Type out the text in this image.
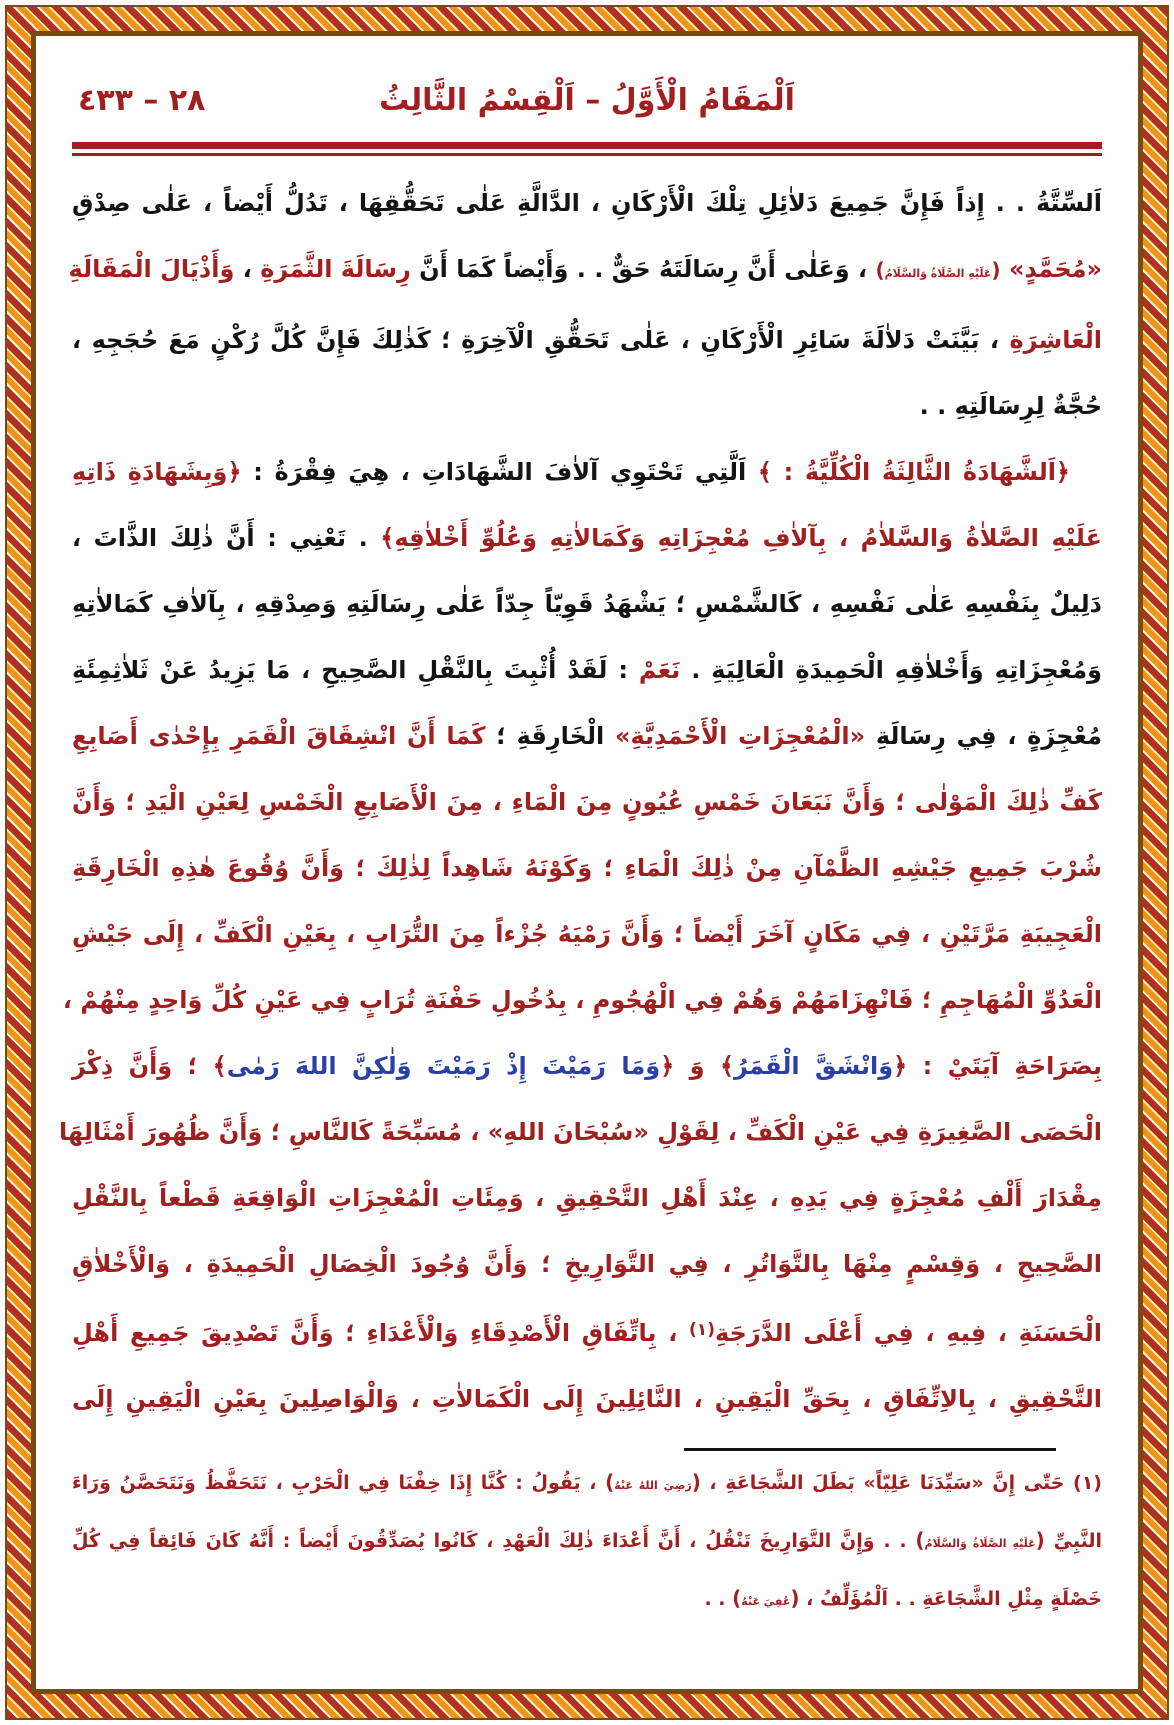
٢٨ – ٤٣٣	اَلْمَقَامُ الْأَوَّلُ – اَلْقِسْمُ الثَّالِثُ
اَلسِّتَّةُ . . إِذاً فَإِنَّ جَمِيعَ دَلاٰئِلِ تِلْكَ الْأَرْكَانِ ، الدَّالَّةِ عَلٰى تَحَقُّقِهَا ، تَدُلُّ أَيْضاً ، عَلٰى صِدْقِ
«مُحَمَّدٍ» (عَلَيْهِ الصَّلَاةُ وَالسَّلَامُ) ، وَعَلٰى أَنَّ رِسَالَتَهُ حَقٌّ . . وَأَيْضاً كَمَا أَنَّ رِسَالَةَ الثَّمَرَةِ ، وَأَذْيَالَ الْمَقَالَةِ
الْعَاشِرَةِ ، بَيَّنَتْ دَلاٰلَةَ سَائِرِ الْأَرْكَانِ ، عَلٰى تَحَقُّقِ الْآخِرَةِ ؛ كَذٰلِكَ فَإِنَّ كُلَّ رُكْنٍ مَعَ حُجَجِهِ ،
حُجَّةٌ لِرِسَالَتِهِ . .
﴿اَلشَّهَادَةُ الثَّالِثَةُ الْكُلِّيَّةُ : ﴾ اَلَّتِي تَحْتَوِي آلاٰفَ الشَّهَادَاتِ ، هِيَ فِقْرَةُ : ﴿وَبِشَهَادَةِ ذَاتِهِ
عَلَيْهِ الصَّلاٰةُ وَالسَّلاٰمُ ، بِآلاٰفِ مُعْجِزَاتِهِ وَكَمَالاٰتِهِ وَعُلُوِّ أَخْلاٰقِهِ﴾ . تَعْنِي : أَنَّ ذٰلِكَ الذَّاتَ ،
دَلِيلٌ بِنَفْسِهِ عَلٰى نَفْسِهِ ، كَالشَّمْسِ ؛ يَشْهَدُ قَوِيّاً جِدّاً عَلٰى رِسَالَتِهِ وَصِدْقِهِ ، بِآلاٰفِ كَمَالاٰتِهِ
وَمُعْجِزَاتِهِ وَأَخْلاٰقِهِ الْحَمِيدَةِ الْعَالِيَةِ . نَعَمْ : لَقَدْ أُثْبِتَ بِالنَّقْلِ الصَّحِيحِ ، مَا يَزِيدُ عَنْ ثَلاٰثِمِئَةِ
مُعْجِزَةٍ ، فِي رِسَالَةِ «الْمُعْجِزَاتِ الْأَحْمَدِيَّةِ» الْخَارِقَةِ ؛ كَمَا أَنَّ انْشِقَاقَ الْقَمَرِ بِإِحْدٰى أَصَابِعِ
كَفِّ ذٰلِكَ الْمَوْلٰى ؛ وَأَنَّ نَبَعَانَ خَمْسِ عُيُونٍ مِنَ الْمَاءِ ، مِنَ الْأَصَابِعِ الْخَمْسِ لِعَيْنِ الْيَدِ ؛ وَأَنَّ
شُرْبَ جَمِيعِ جَيْشِهِ الظَّمْآنِ مِنْ ذٰلِكَ الْمَاءِ ؛ وَكَوْنَهُ شَاهِداً لِذٰلِكَ ؛ وَأَنَّ وُقُوعَ هٰذِهِ الْخَارِقَةِ
الْعَجِيبَةِ مَرَّتَيْنِ ، فِي مَكَانٍ آخَرَ أَيْضاً ؛ وَأَنَّ رَمْيَهُ جُزْءاً مِنَ التُّرَابِ ، بِعَيْنِ الْكَفِّ ، إِلَى جَيْشِ
الْعَدُوِّ الْمُهَاجِمِ ؛ فَانْهِزَامَهُمْ وَهُمْ فِي الْهُجُومِ ، بِدُخُولِ حَفْنَةِ تُرَابٍ فِي عَيْنِ كُلِّ وَاحِدٍ مِنْهُمْ ،
بِصَرَاحَةِ آيَتَيْ : ﴿وَانْشَقَّ الْقَمَرُ﴾ وَ ﴿وَمَا رَمَيْتَ إِذْ رَمَيْتَ وَلٰكِنَّ اللهَ رَمٰى﴾ ؛ وَأَنَّ ذِكْرَ
الْحَصَى الصَّغِيرَةِ فِي عَيْنِ الْكَفِّ ، لِقَوْلِ «سُبْحَانَ اللهِ» ، مُسَبِّحَةً كَالنَّاسِ ؛ وَأَنَّ ظُهُورَ أَمْثَالِهَا
مِقْدَارَ أَلْفِ مُعْجِزَةٍ فِي يَدِهِ ، عِنْدَ أَهْلِ التَّحْقِيقِ ، وَمِئَاتِ الْمُعْجِزَاتِ الْوَاقِعَةِ قَطْعاً بِالنَّقْلِ
الصَّحِيحِ ، وَقِسْمٍ مِنْهَا بِالتَّوَاتُرِ ، فِي التَّوَارِيخِ ؛ وَأَنَّ وُجُودَ الْخِصَالِ الْحَمِيدَةِ ، وَالْأَخْلاٰقِ
الْحَسَنَةِ ، فِيهِ ، فِي أَعْلَى الدَّرَجَةِ$^{(١)}$ ، بِاتِّفَاقِ الْأَصْدِقَاءِ وَالْأَعْدَاءِ ؛ وَأَنَّ تَصْدِيقَ جَمِيعِ أَهْلِ
التَّحْقِيقِ ، بِالاِتِّفَاقِ ، بِحَقِّ الْيَقِينِ ، النَّائِلِينَ إِلَى الْكَمَالاٰتِ ، وَالْوَاصِلِينَ بِعَيْنِ الْيَقِينِ إِلَى
(١) حَتّٰى إِنَّ «سَيِّدَنَا عَلِيّاً» بَطَلَ الشَّجَاعَةِ ، (رَضِيَ اللهُ عَنْهُ) ، يَقُولُ : كُنَّا إِذَا خِفْنَا فِي الْحَرْبِ ، نَتَحَفَّظُ وَنَتَحَصَّنُ وَرَاءَ
النَّبِيِّ (عَلَيْهِ الصَّلَاةُ وَالسَّلَامُ) . . وَإِنَّ التَّوَارِيخَ تَنْقُلُ ، أَنَّ أَعْدَاءَ ذٰلِكَ الْعَهْدِ ، كَانُوا يُصَدِّقُونَ أَيْضاً : أَنَّهُ كَانَ فَائِقاً فِي كُلِّ
خَصْلَةٍ مِثْلِ الشَّجَاعَةِ . . اَلْمُؤَلِّفُ ، (عُفِيَ عَنْهُ) . .
